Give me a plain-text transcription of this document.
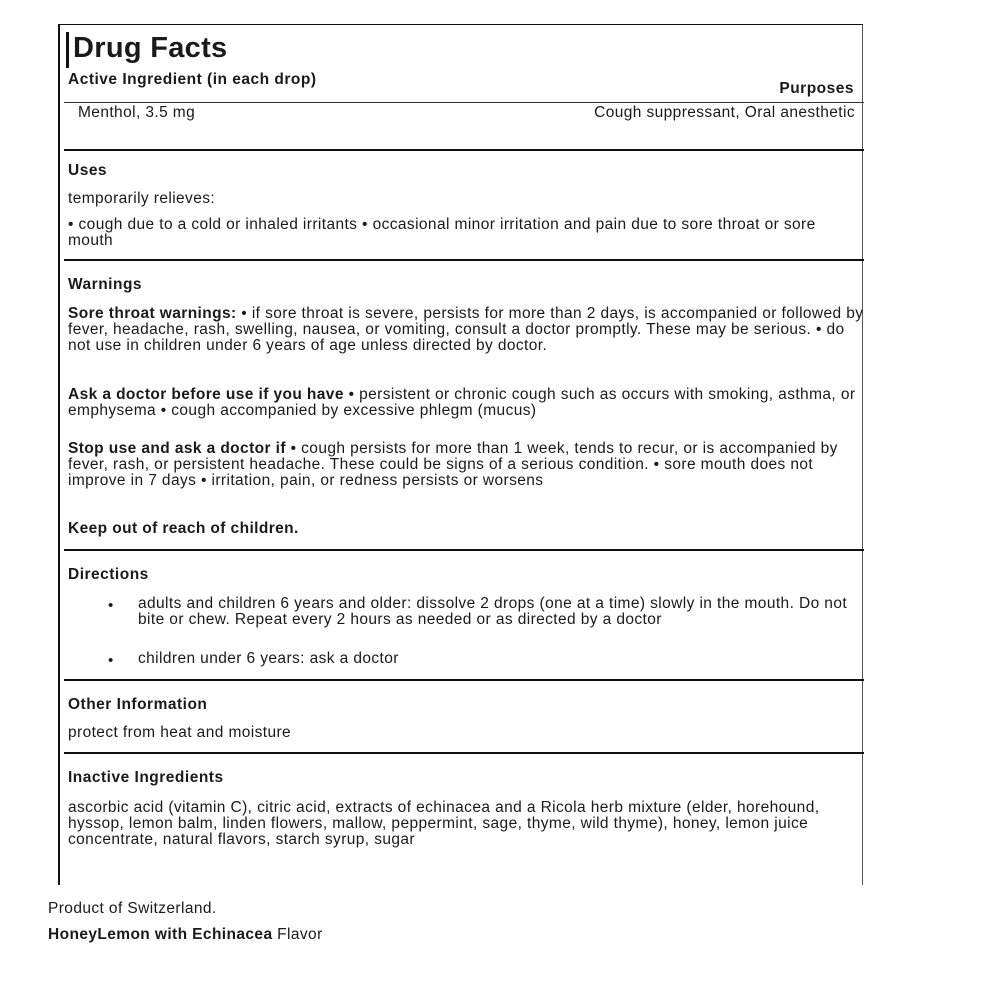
Drug Facts
Active Ingredient (in each drop)
Purposes
Menthol, 3.5 mg	Cough suppressant, Oral anesthetic
Uses
temporarily relieves:
• cough due to a cold or inhaled irritants • occasional minor irritation and pain due to sore throat or sore mouth
Warnings
Sore throat warnings: • if sore throat is severe, persists for more than 2 days, is accompanied or followed by fever, headache, rash, swelling, nausea, or vomiting, consult a doctor promptly. These may be serious. • do not use in children under 6 years of age unless directed by doctor.
Ask a doctor before use if you have • persistent or chronic cough such as occurs with smoking, asthma, or emphysema • cough accompanied by excessive phlegm (mucus)
Stop use and ask a doctor if • cough persists for more than 1 week, tends to recur, or is accompanied by fever, rash, or persistent headache. These could be signs of a serious condition. • sore mouth does not improve in 7 days • irritation, pain, or redness persists or worsens
Keep out of reach of children.
Directions
• adults and children 6 years and older: dissolve 2 drops (one at a time) slowly in the mouth. Do not bite or chew. Repeat every 2 hours as needed or as directed by a doctor
• children under 6 years: ask a doctor
Other Information
protect from heat and moisture
Inactive Ingredients
ascorbic acid (vitamin C), citric acid, extracts of echinacea and a Ricola herb mixture (elder, horehound, hyssop, lemon balm, linden flowers, mallow, peppermint, sage, thyme, wild thyme), honey, lemon juice concentrate, natural flavors, starch syrup, sugar
Product of Switzerland.
HoneyLemon with Echinacea Flavor
